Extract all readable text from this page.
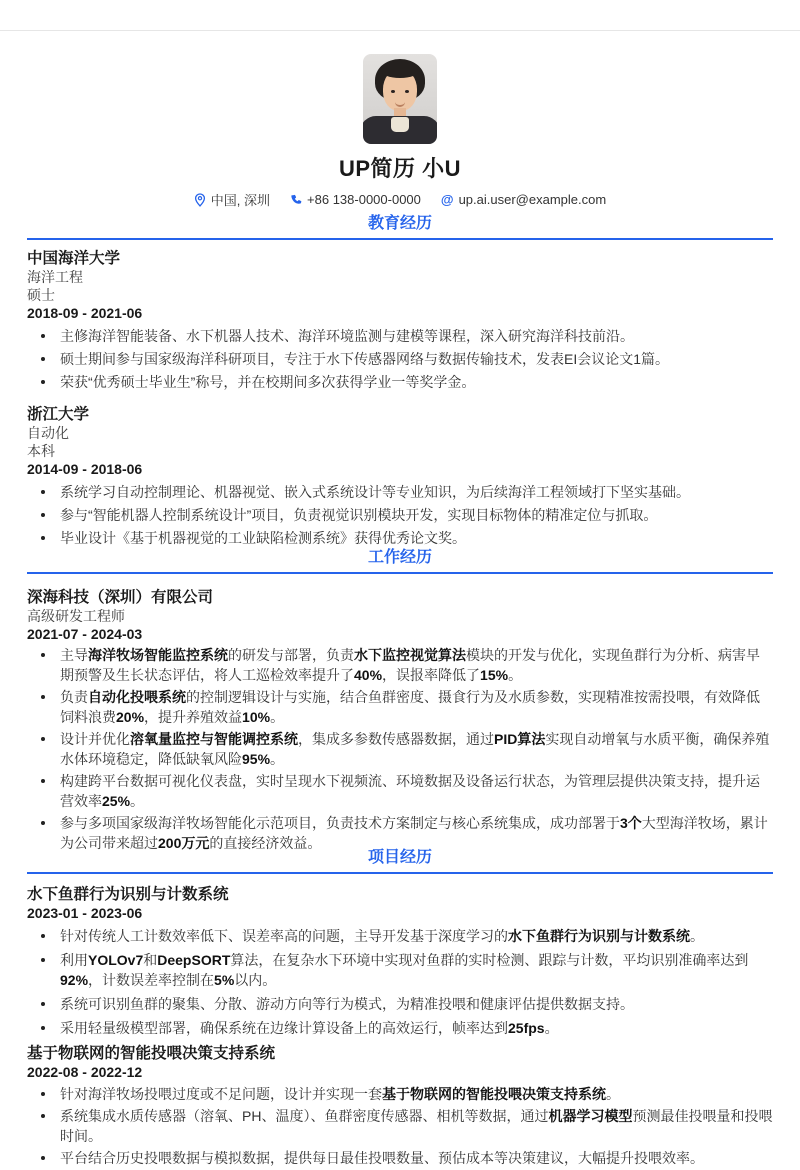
UP简历 小U
中国, 深圳	+86 138-0000-0000 @ up.ai.user@example.com
教育经历
中国海洋大学
海洋工程
硕士
2018-09 - 2021-06
主修海洋智能装备、水下机器人技术、海洋环境监测与建模等课程，深入研究海洋科技前沿。
硕士期间参与国家级海洋科研项目，专注于水下传感器网络与数据传输技术，发表EI会议论文1篇。
荣获“优秀硕士毕业生”称号，并在校期间多次获得学业一等奖学金。
浙江大学
自动化
本科
2014-09 - 2018-06
系统学习自动控制理论、机器视觉、嵌入式系统设计等专业知识，为后续海洋工程领域打下坚实基础。
参与“智能机器人控制系统设计”项目，负责视觉识别模块开发，实现目标物体的精准定位与抓取。
毕业设计《基于机器视觉的工业缺陷检测系统》获得优秀论文奖。
工作经历
深海科技（深圳）有限公司
高级研发工程师
2021-07 - 2024-03
主导海洋牧场智能监控系统的研发与部署，负责水下监控视觉算法模块的开发与优化，实现鱼群行为分析、病害早期预警及生长状态评估，将人工巡检效率提升了40%，误报率降低了15%。
负责自动化投喂系统的控制逻辑设计与实施，结合鱼群密度、摄食行为及水质参数，实现精准按需投喂，有效降低饲料浪费20%，提升养殖效益10%。
设计并优化溶氧量监控与智能调控系统，集成多参数传感器数据，通过PID算法实现自动增氧与水质平衡，确保养殖水体环境稳定，降低缺氧风险95%。
构建跨平台数据可视化仪表盘，实时呈现水下视频流、环境数据及设备运行状态，为管理层提供决策支持，提升运营效率25%。
参与多项国家级海洋牧场智能化示范项目，负责技术方案制定与核心系统集成，成功部署于3个大型海洋牧场，累计为公司带来超过200万元的直接经济效益。
项目经历
水下鱼群行为识别与计数系统
2023-01 - 2023-06
针对传统人工计数效率低下、误差率高的问题，主导开发基于深度学习的水下鱼群行为识别与计数系统。
利用YOLOv7和DeepSORT算法，在复杂水下环境中实现对鱼群的实时检测、跟踪与计数，平均识别准确率达到92%，计数误差率控制在5%以内。
系统可识别鱼群的聚集、分散、游动方向等行为模式，为精准投喂和健康评估提供数据支持。
采用轻量级模型部署，确保系统在边缘计算设备上的高效运行，帧率达到25fps。
基于物联网的智能投喂决策支持系统
2022-08 - 2022-12
针对海洋牧场投喂过度或不足问题，设计并实现一套基于物联网的智能投喂决策支持系统。
系统集成水质传感器（溶氧、PH、温度）、鱼群密度传感器、相机等数据，通过机器学习模型预测最佳投喂量和投喂时间。
平台结合历史投喂数据与模拟数据，提供每日最佳投喂数量、预估成本等决策建议，大幅提升投喂效率。
